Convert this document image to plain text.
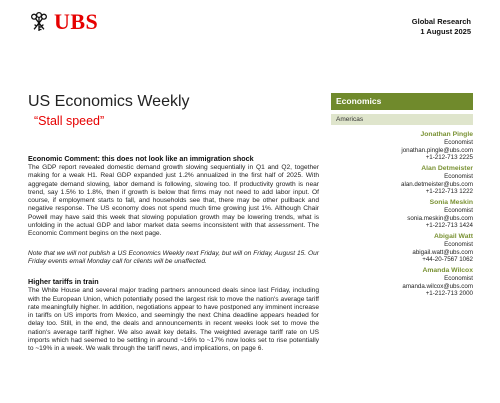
UBS	Global Research
1 August 2025
US Economics Weekly
“Stall speed”
Economic Comment: this does not look like an immigration shock

The GDP report revealed domestic demand growth slowing sequentially in Q1 and Q2, together making for a weak H1. Real GDP expanded just 1.2% annualized in the first half of 2025. With aggregate demand slowing, labor demand is following, slowing too. If productivity growth is near trend, say 1.5% to 1.8%, then if growth is below that firms may not need to add labor input. Of course, if employment starts to fall, and households see that, there may be other pullback and negative response. The US economy does not spend much time growing just 1%. Although Chair Powell may have said this week that slowing population growth may be lowering trends, what is unfolding in the actual GDP and labor market data seems inconsistent with that assessment. The Economic Comment begins on the next page.

Note that we will not publish a US Economics Weekly next Friday, but will on Friday, August 15. Our Friday events email Monday call for clients will be unaffected.

Higher tariffs in train

The White House and several major trading partners announced deals since last Friday, including with the European Union, which potentially posed the largest risk to move the nation's average tariff rate meaningfully higher. In addition, negotiations appear to have postponed any imminent increase in tariffs on US imports from Mexico, and seemingly the next China deadline appears headed for delay too. Still, in the end, the deals and announcements in recent weeks look set to move the nation's average tariff higher. We also await key details. The weighted average tariff rate on US imports which had seemed to be settling in around ~16% to ~17% now looks set to rise potentially to ~19% in a week. We walk through the tariff news, and implications, on page 6.

Economics
Americas
Jonathan Pingle
Economist
jonathan.pingle@ubs.com
+1-212-713 2225
Alan Detmeister
Economist
alan.detmeister@ubs.com
+1-212-713 1222
Sonia Meskin
Economist
sonia.meskin@ubs.com
+1-212-713 1424
Abigail Watt
Economist
abigail.watt@ubs.com
+44-20-7567 1062
Amanda Wilcox
Economist
amanda.wilcox@ubs.com
+1-212-713 2000
